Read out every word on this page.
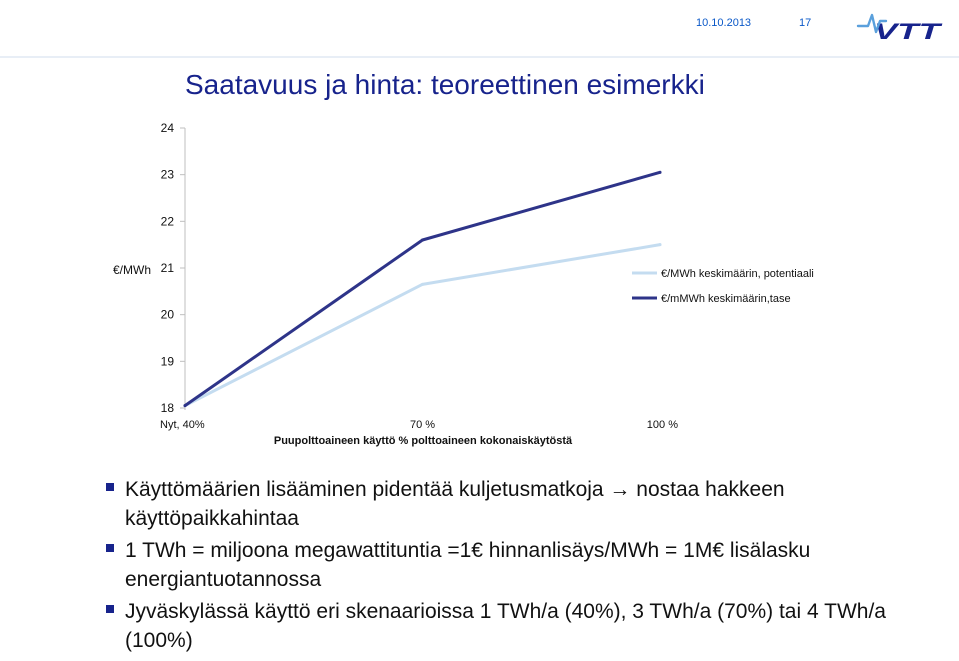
10.10.2013	17	VTT
Saatavuus ja hinta: teoreettinen esimerkki
18
19
20
21
22
23
24
Nyt, 40%	70 %	100 %
€/MWh keskimäärin, potentiaali
€/mMWh keskimäärin,tase
€/MWh
Puupolttoaineen käyttö % polttoaineen kokonaiskäytöstä
Käyttömäärien lisääminen pidentää kuljetusmatkoja → nostaa hakkeen käyttöpaikkahintaa
1 TWh = miljoona megawattituntia =1€ hinnanlisäys/MWh = 1M€ lisälasku energiantuotannossa
Jyväskylässä käyttö eri skenaarioissa 1 TWh/a (40%), 3 TWh/a (70%) tai 4 TWh/a (100%)
